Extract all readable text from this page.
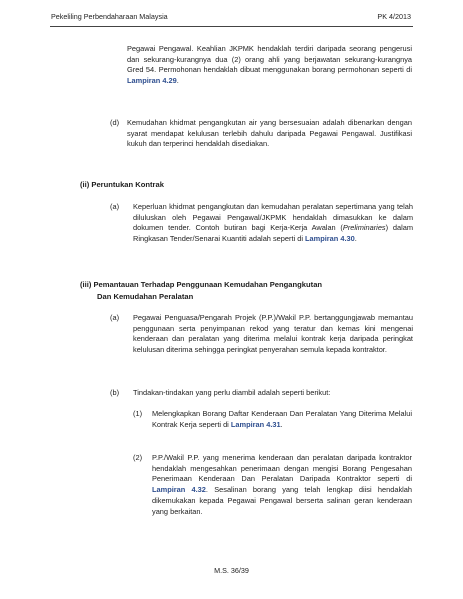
Pekeliling Perbendaharaan Malaysia	PK 4/2013
Pegawai Pengawal. Keahlian JKPMK hendaklah terdiri daripada seorang pengerusi dan sekurang-kurangnya dua (2) orang ahli yang berjawatan sekurang-kurangnya Gred 54. Permohonan hendaklah dibuat menggunakan borang permohonan seperti di Lampiran 4.29.
(d) Kemudahan khidmat pengangkutan air yang bersesuaian adalah dibenarkan dengan syarat mendapat kelulusan terlebih dahulu daripada Pegawai Pengawal. Justifikasi kukuh dan terperinci hendaklah disediakan.
(ii) Peruntukan Kontrak
(a) Keperluan khidmat pengangkutan dan kemudahan peralatan sepertimana yang telah diluluskan oleh Pegawai Pengawal/JKPMK hendaklah dimasukkan ke dalam dokumen tender. Contoh butiran bagi Kerja-Kerja Awalan (Preliminaries) dalam Ringkasan Tender/Senarai Kuantiti adalah seperti di Lampiran 4.30.
(iii) Pemantauan Terhadap Penggunaan Kemudahan Pengangkutan
Dan Kemudahan Peralatan
(a) Pegawai Penguasa/Pengarah Projek (P.P.)/Wakil P.P. bertanggungjawab memantau penggunaan serta penyimpanan rekod yang teratur dan kemas kini mengenai kenderaan dan peralatan yang diterima melalui kontrak kerja daripada peringkat kelulusan diterima sehingga peringkat penyerahan semula kepada kontraktor.
(b) Tindakan-tindakan yang perlu diambil adalah seperti berikut:
(1) Melengkapkan Borang Daftar Kenderaan Dan Peralatan Yang Diterima Melalui Kontrak Kerja seperti di Lampiran 4.31.
(2) P.P./Wakil P.P. yang menerima kenderaan dan peralatan daripada kontraktor hendaklah mengesahkan penerimaan dengan mengisi Borang Pengesahan Penerimaan Kenderaan Dan Peralatan Daripada Kontraktor seperti di Lampiran 4.32. Sesalinan borang yang telah lengkap diisi hendaklah dikemukakan kepada Pegawai Pengawal berserta salinan geran kenderaan yang berkaitan.
M.S. 36/39
